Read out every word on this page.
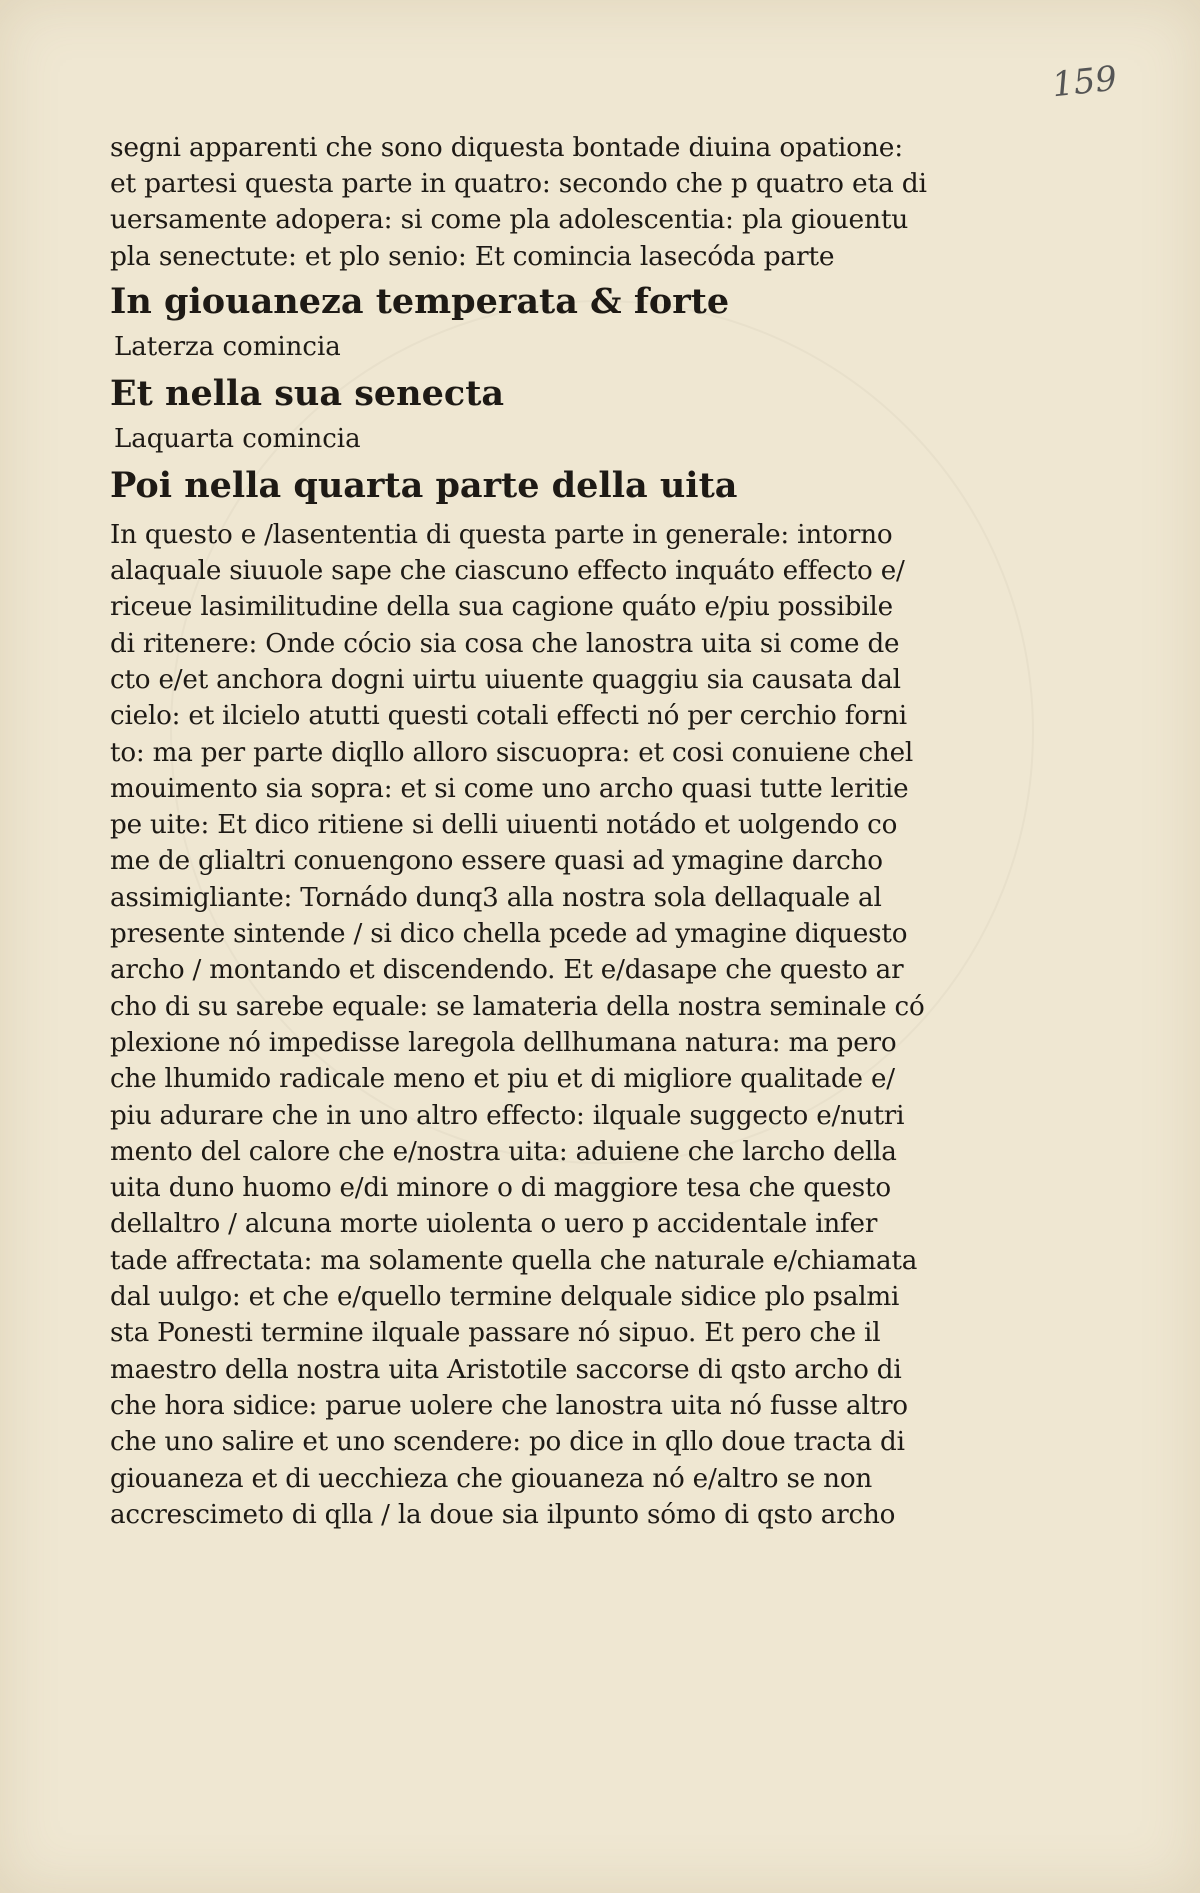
159
segni apparenti che sono diquesta bontade diuina opatione:
et partesi questa parte in quatro: secondo che p quatro eta di
uersamente adopera: si come pla adolescentia: pla giouentu
pla senectute: et plo senio: Et comincia lasecóda parte
In giouaneza temperata & forte
Laterza comincia
Et nella sua senecta
Laquarta comincia
Poi nella quarta parte della uita
In questo e /lasententia di questa parte in generale: intorno
alaquale siuuole sape che ciascuno effecto inquáto effecto e/
riceue lasimilitudine della sua cagione quáto e/piu possibile
di ritenere: Onde cócio sia cosa che lanostra uita si come de
cto e/et anchora dogni uirtu uiuente quaggiu sia causata dal
cielo: et ilcielo atutti questi cotali effecti nó per cerchio forni
to: ma per parte diqllo alloro siscuopra: et cosi conuiene chel
mouimento sia sopra: et si come uno archo quasi tutte leritie
pe uite: Et dico ritiene si delli uiuenti notádo et uolgendo co
me de glialtri conuengono essere quasi ad ymagine darcho
assimigliante: Tornádo dunq3 alla nostra sola dellaquale al
presente sintende / si dico chella pcede ad ymagine diquesto
archo / montando et discendendo. Et e/dasape che questo ar
cho di su sarebe equale: se lamateria della nostra seminale có
plexione nó impedisse laregola dellhumana natura: ma pero
che lhumido radicale meno et piu et di migliore qualitade e/
piu adurare che in uno altro effecto: ilquale suggecto e/nutri
mento del calore che e/nostra uita: aduiene che larcho della
uita duno huomo e/di minore o di maggiore tesa che questo
dellaltro / alcuna morte uiolenta o uero p accidentale infer
tade affrectata: ma solamente quella che naturale e/chiamata
dal uulgo: et che e/quello termine delquale sidice plo psalmi
sta Ponesti termine ilquale passare nó sipuo. Et pero che il
maestro della nostra uita Aristotile saccorse di qsto archo di
che hora sidice: parue uolere che lanostra uita nó fusse altro
che uno salire et uno scendere: po dice in qllo doue tracta di
giouaneza et di uecchieza che giouaneza nó e/altro se non
accrescimeto di qlla / la doue sia ilpunto sómo di qsto archo
